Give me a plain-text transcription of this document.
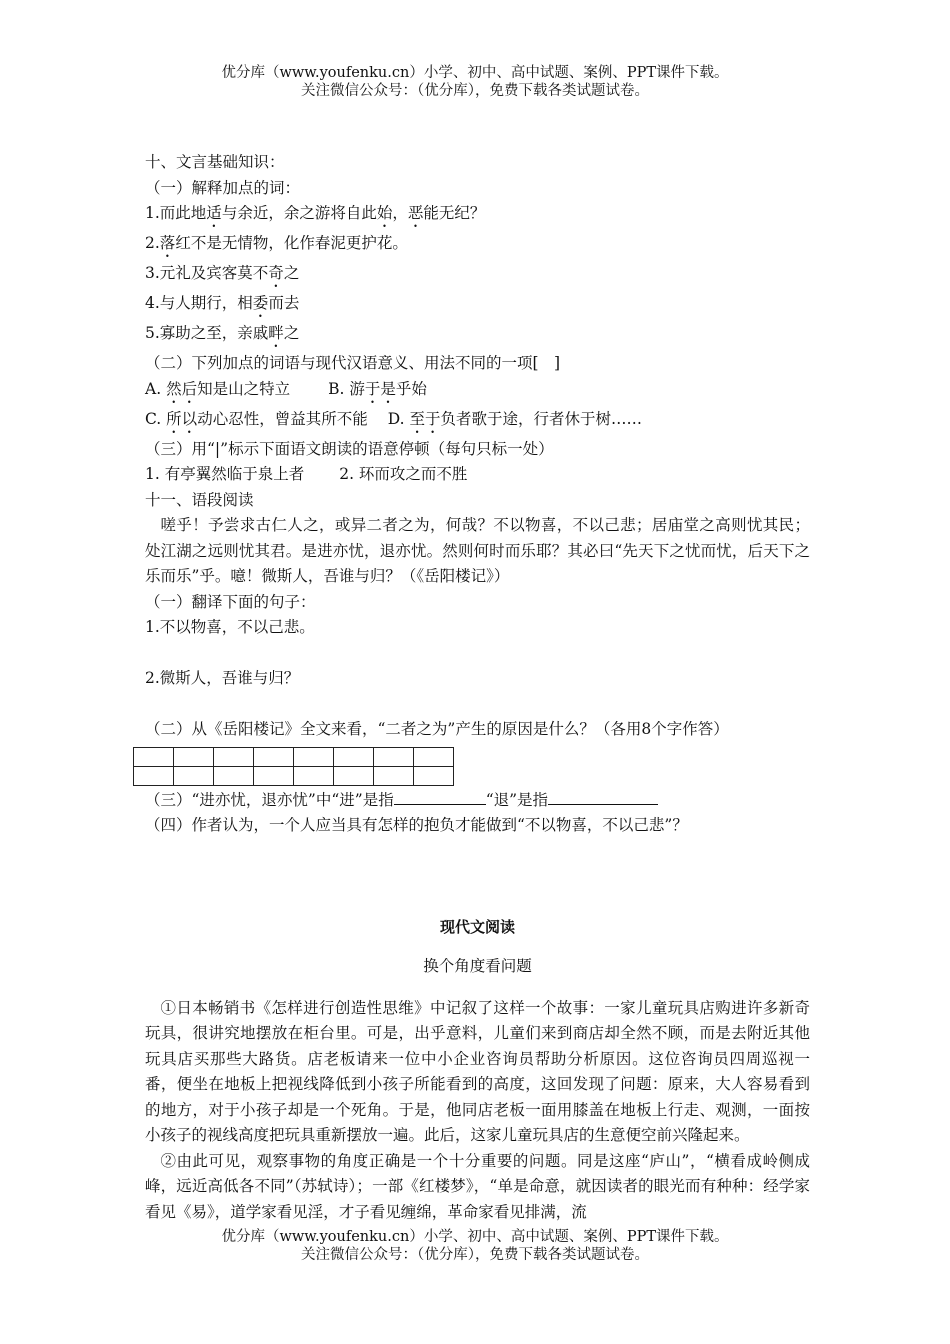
优分库（www.youfenku.cn）小学、初中、高中试题、案例、PPT课件下载。
关注微信公众号：（优分库），免费下载各类试题试卷。
十、文言基础知识：
（一）解释加点的词：
1.而此地适与余近，余之游将自此始，恶能无纪？
2.落红不是无情物，化作春泥更护花。
3.元礼及宾客莫不奇之
4.与人期行，相委而去
5.寡助之至，亲戚畔之
（二）下列加点的词语与现代汉语意义、用法不同的一项[　]
A. 然后知是山之特立 B. 游于是乎始
C. 所以动心忍性，曾益其所不能 D. 至于负者歌于途，行者休于树……
（三）用“|”标示下面语文朗读的语意停顿（每句只标一处）
1. 有亭翼然临于泉上者 2. 环而攻之而不胜
十一、语段阅读
嗟乎！予尝求古仁人之，或异二者之为，何哉？不以物喜，不以己悲；居庙堂之高则忧其民；处江湖之远则忧其君。是进亦忧，退亦忧。然则何时而乐耶？其必曰“先天下之忧而忧，后天下之乐而乐”乎。噫！微斯人，吾谁与归？（《岳阳楼记》）
（一）翻译下面的句子：
1.不以物喜，不以己悲。
2.微斯人，吾谁与归？
（二）从《岳阳楼记》全文来看，“二者之为”产生的原因是什么？（各用8个字作答）

（三）“进亦忧，退亦忧”中“进”是指	“退”是指
（四）作者认为，一个人应当具有怎样的抱负才能做到“不以物喜，不以己悲”？
现代文阅读
换个角度看问题
①日本畅销书《怎样进行创造性思维》中记叙了这样一个故事：一家儿童玩具店购进许多新奇玩具，很讲究地摆放在柜台里。可是，出乎意料，儿童们来到商店却全然不顾，而是去附近其他玩具店买那些大路货。店老板请来一位中小企业咨询员帮助分析原因。这位咨询员四周巡视一番，便坐在地板上把视线降低到小孩子所能看到的高度，这回发现了问题：原来，大人容易看到的地方，对于小孩子却是一个死角。于是，他同店老板一面用膝盖在地板上行走、观测，一面按小孩子的视线高度把玩具重新摆放一遍。此后，这家儿童玩具店的生意便空前兴隆起来。
②由此可见，观察事物的角度正确是一个十分重要的问题。同是这座“庐山”，“横看成岭侧成峰，远近高低各不同”（苏轼诗）；一部《红楼梦》，“单是命意，就因读者的眼光而有种种：经学家看见《易》，道学家看见淫，才子看见缠绵，革命家看见排满，流
优分库（www.youfenku.cn）小学、初中、高中试题、案例、PPT课件下载。
关注微信公众号：（优分库），免费下载各类试题试卷。
